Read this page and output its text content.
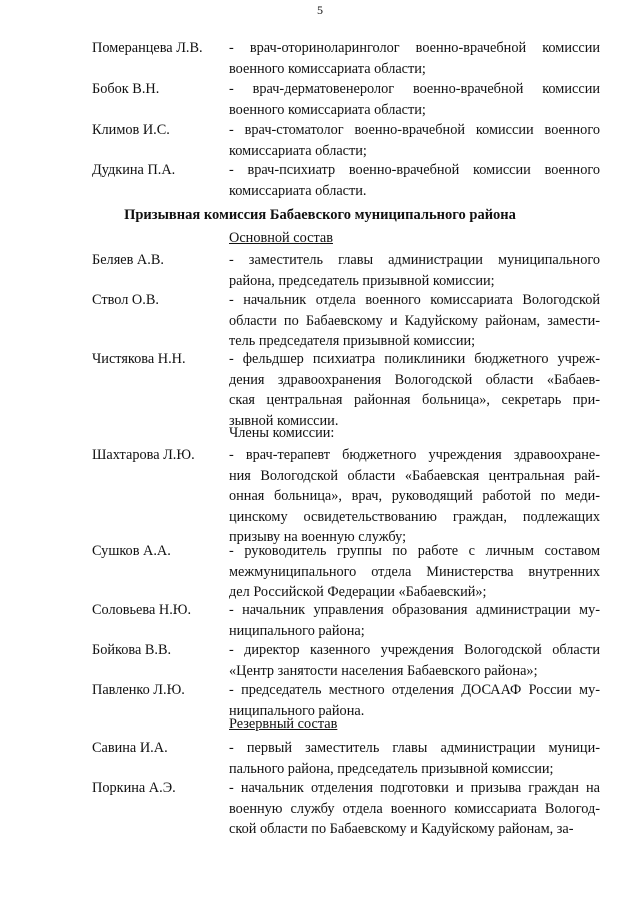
5
Померанцева Л.В.	- врач-оториноларинголог военно-врачебной комиссии
военного комиссариата области;
Бобок В.Н.	- врач-дерматовенеролог военно-врачебной комиссии
военного комиссариата области;
Климов И.С.	- врач-стоматолог военно-врачебной комиссии военного
комиссариата области;
Дудкина П.А.	- врач-психиатр военно-врачебной комиссии военного
комиссариата области.
Беляев А.В.	- заместитель главы администрации муниципального
района, председатель призывной комиссии;
Ствол О.В.	- начальник отдела военного комиссариата Вологодской
области по Бабаевскому и Кадуйскому районам, замести-
тель председателя призывной комиссии;
Чистякова Н.Н.	- фельдшер психиатра поликлиники бюджетного учреж-
дения здравоохранения Вологодской области «Бабаев-
ская центральная районная больница», секретарь при-
зывной комиссии.
Шахтарова Л.Ю.	- врач-терапевт бюджетного учреждения здравоохране-
ния Вологодской области «Бабаевская центральная рай-
онная больница», врач, руководящий работой по меди-
цинскому освидетельствованию граждан, подлежащих
призыву на военную службу;
Сушков А.А.	- руководитель группы по работе с личным составом
межмуниципального отдела Министерства внутренних
дел Российской Федерации «Бабаевский»;
Соловьева Н.Ю.	- начальник управления образования администрации му-
ниципального района;
Бойкова В.В.	- директор казенного учреждения Вологодской области
«Центр занятости населения Бабаевского района»;
Павленко Л.Ю.	- председатель местного отделения ДОСААФ России му-
ниципального района.
Савина И.А.	- первый заместитель главы администрации муници-
пального района, председатель призывной комиссии;
Поркина А.Э.	- начальник отделения подготовки и призыва граждан на
военную службу отдела военного комиссариата Вологод-
ской области по Бабаевскому и Кадуйскому районам, за-
Призывная комиссия Бабаевского муниципального района
Основной состав
Члены комиссии:
Резервный состав
